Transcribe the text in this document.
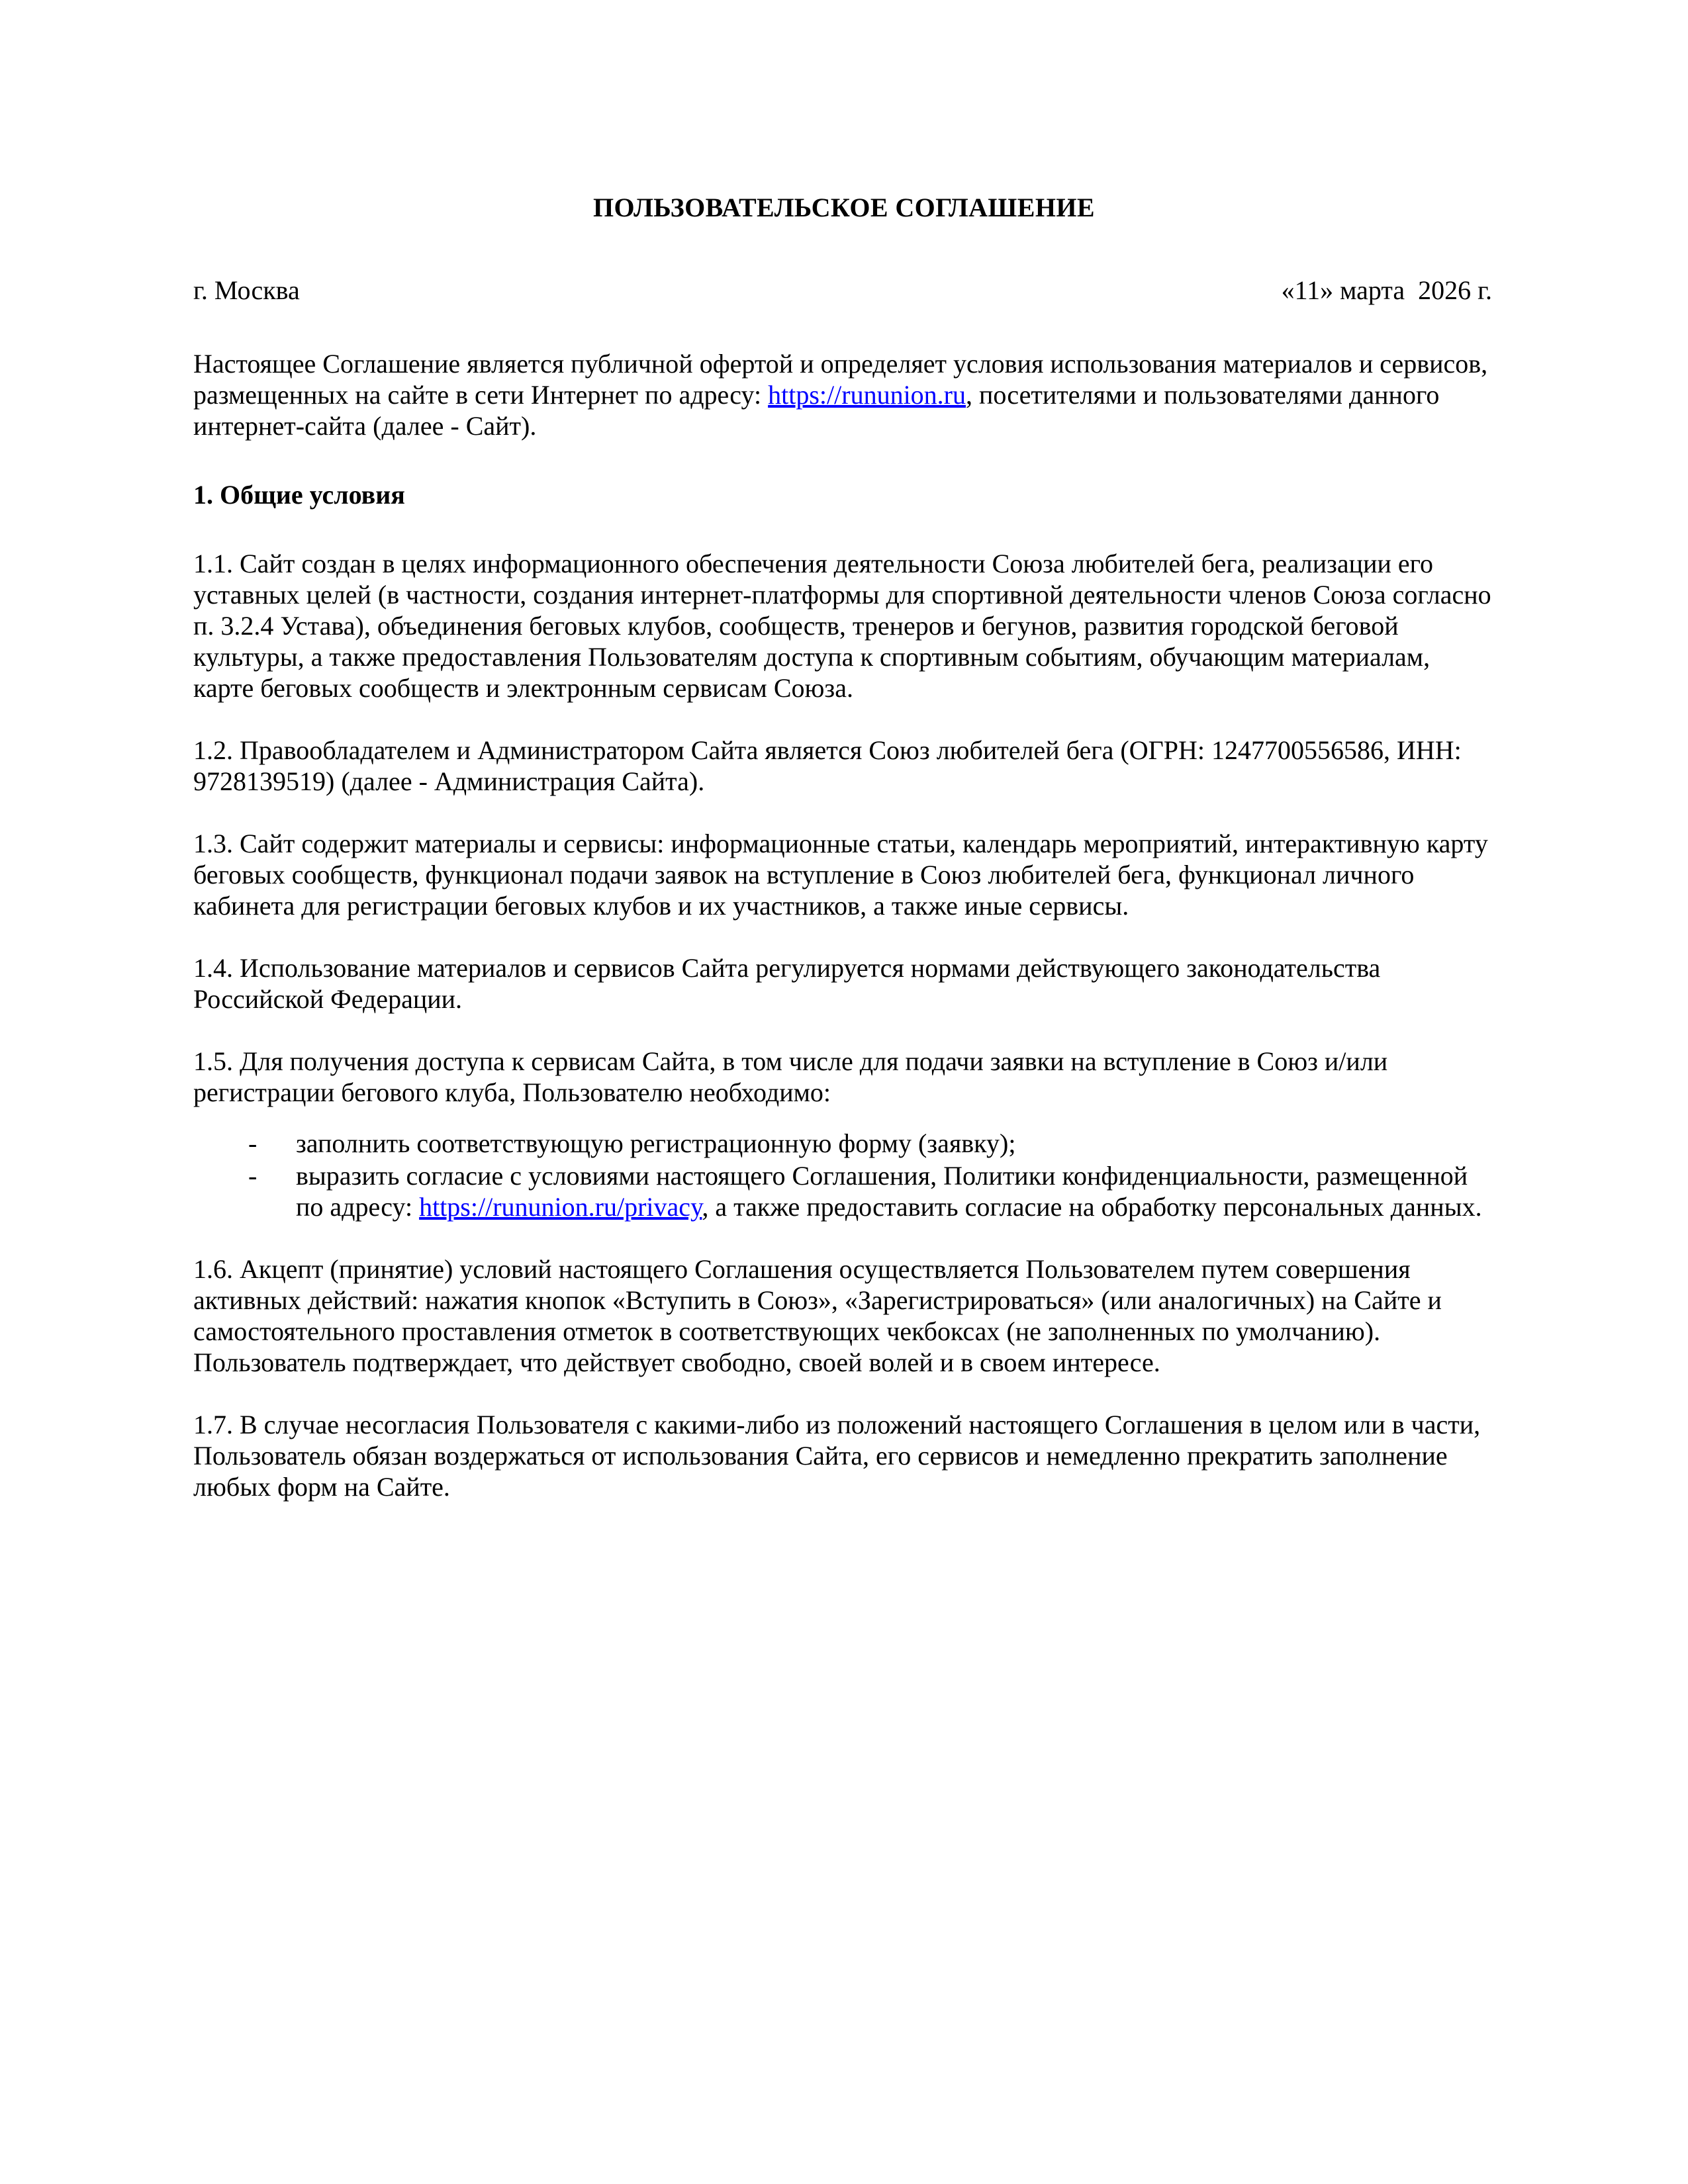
ПОЛЬЗОВАТЕЛЬСКОЕ СОГЛАШЕНИЕ
г. Москва	«11» марта  2026 г.

Настоящее Соглашение является публичной офертой и определяет условия использования материалов и сервисов, размещенных на сайте в сети Интернет по адресу: https://rununion.ru, посетителями и пользователями данного интернет-сайта (далее - Сайт).

1. Общие условия

1.1. Сайт создан в целях информационного обеспечения деятельности Союза любителей бега, реализации его уставных целей (в частности, создания интернет-платформы для спортивной деятельности членов Союза согласно п. 3.2.4 Устава), объединения беговых клубов, сообществ, тренеров и бегунов, развития городской беговой культуры, а также предоставления Пользователям доступа к спортивным событиям, обучающим материалам, карте беговых сообществ и электронным сервисам Союза.

1.2. Правообладателем и Администратором Сайта является Союз любителей бега (ОГРН: 1247700556586, ИНН: 9728139519) (далее - Администрация Сайта).

1.3. Сайт содержит материалы и сервисы: информационные статьи, календарь мероприятий, интерактивную карту беговых сообществ, функционал подачи заявок на вступление в Союз любителей бега, функционал личного кабинета для регистрации беговых клубов и их участников, а также иные сервисы.

1.4. Использование материалов и сервисов Сайта регулируется нормами действующего законодательства Российской Федерации.

1.5. Для получения доступа к сервисам Сайта, в том числе для подачи заявки на вступление в Союз и/или регистрации бегового клуба, Пользователю необходимо:

- заполнить соответствующую регистрационную форму (заявку);
- выразить согласие с условиями настоящего Соглашения, Политики конфиденциальности, размещенной по адресу: https://rununion.ru/privacy, а также предоставить согласие на обработку персональных данных.

1.6. Акцепт (принятие) условий настоящего Соглашения осуществляется Пользователем путем совершения активных действий: нажатия кнопок «Вступить в Союз», «Зарегистрироваться» (или аналогичных) на Сайте и самостоятельного проставления отметок в соответствующих чекбоксах (не заполненных по умолчанию). Пользователь подтверждает, что действует свободно, своей волей и в своем интересе.

1.7. В случае несогласия Пользователя с какими-либо из положений настоящего Соглашения в целом или в части, Пользователь обязан воздержаться от использования Сайта, его сервисов и немедленно прекратить заполнение любых форм на Сайте.
